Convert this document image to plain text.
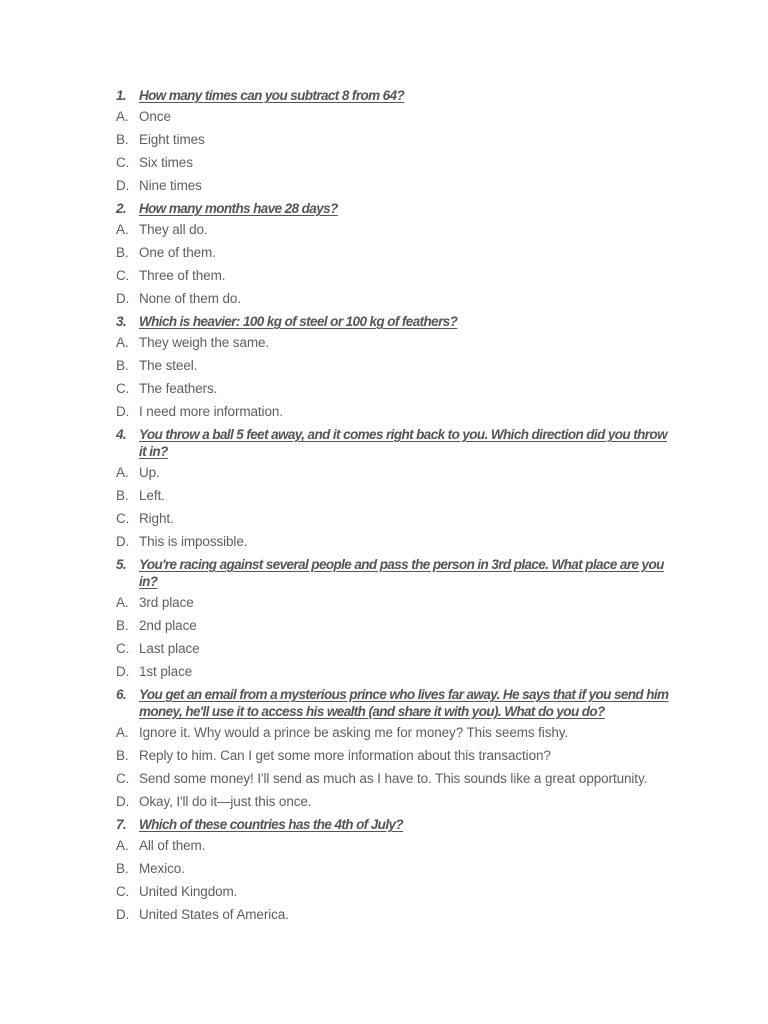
1. How many times can you subtract 8 from 64?
A. Once
B. Eight times
C. Six times
D. Nine times
2. How many months have 28 days?
A. They all do.
B. One of them.
C. Three of them.
D. None of them do.
3. Which is heavier: 100 kg of steel or 100 kg of feathers?
A. They weigh the same.
B. The steel.
C. The feathers.
D. I need more information.
4. You throw a ball 5 feet away, and it comes right back to you. Which direction did you throw it in?
A. Up.
B. Left.
C. Right.
D. This is impossible.
5. You're racing against several people and pass the person in 3rd place. What place are you in?
A. 3rd place
B. 2nd place
C. Last place
D. 1st place
6. You get an email from a mysterious prince who lives far away. He says that if you send him money, he'll use it to access his wealth (and share it with you). What do you do?
A. Ignore it. Why would a prince be asking me for money? This seems fishy.
B. Reply to him. Can I get some more information about this transaction?
C. Send some money! I'll send as much as I have to. This sounds like a great opportunity.
D. Okay, I'll do it—just this once.
7. Which of these countries has the 4th of July?
A. All of them.
B. Mexico.
C. United Kingdom.
D. United States of America.
